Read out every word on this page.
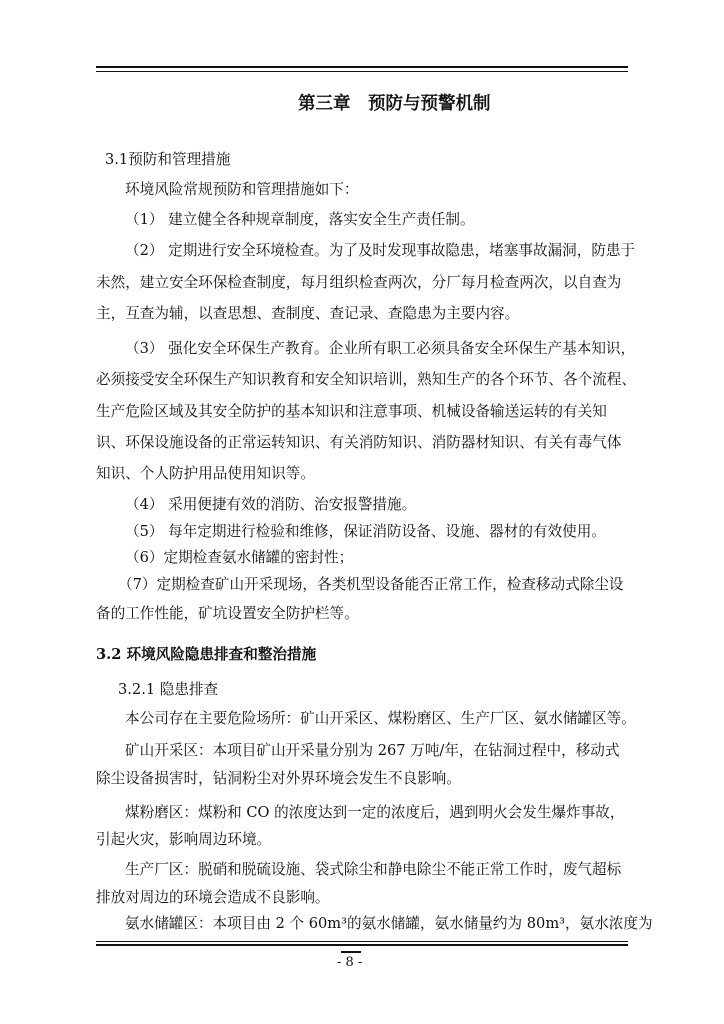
第三章　预防与预警机制
3.1预防和管理措施
环境风险常规预防和管理措施如下：
（1） 建立健全各种规章制度，落实安全生产责任制。
（2） 定期进行安全环境检查。为了及时发现事故隐患，堵塞事故漏洞，防患于
未然，建立安全环保检查制度，每月组织检查两次，分厂每月检查两次，以自查为
主，互查为辅，以查思想、查制度、查记录、查隐患为主要内容。
（3） 强化安全环保生产教育。企业所有职工必须具备安全环保生产基本知识，
必须接受安全环保生产知识教育和安全知识培训，熟知生产的各个环节、各个流程、
生产危险区域及其安全防护的基本知识和注意事项、机械设备输送运转的有关知
识、环保设施设备的正常运转知识、有关消防知识、消防器材知识、有关有毒气体
知识、个人防护用品使用知识等。
（4） 采用便捷有效的消防、治安报警措施。
（5） 每年定期进行检验和维修，保证消防设备、设施、器材的有效使用。
（6）定期检查氨水储罐的密封性；
（7）定期检查矿山开采现场，各类机型设备能否正常工作，检查移动式除尘设
备的工作性能，矿坑设置安全防护栏等。
3.2 环境风险隐患排查和整治措施
3.2.1 隐患排查
本公司存在主要危险场所：矿山开采区、煤粉磨区、生产厂区、氨水储罐区等。
矿山开采区：本项目矿山开采量分别为 267 万吨/年，在钻洞过程中，移动式
除尘设备损害时，钻洞粉尘对外界环境会发生不良影响。
煤粉磨区：煤粉和 CO 的浓度达到一定的浓度后，遇到明火会发生爆炸事故，
引起火灾，影响周边环境。
生产厂区：脱硝和脱硫设施、袋式除尘和静电除尘不能正常工作时，废气超标
排放对周边的环境会造成不良影响。
氨水储罐区：本项目由 2 个 60m³的氨水储罐，氨水储量约为 80m³，氨水浓度为
- 8 -
